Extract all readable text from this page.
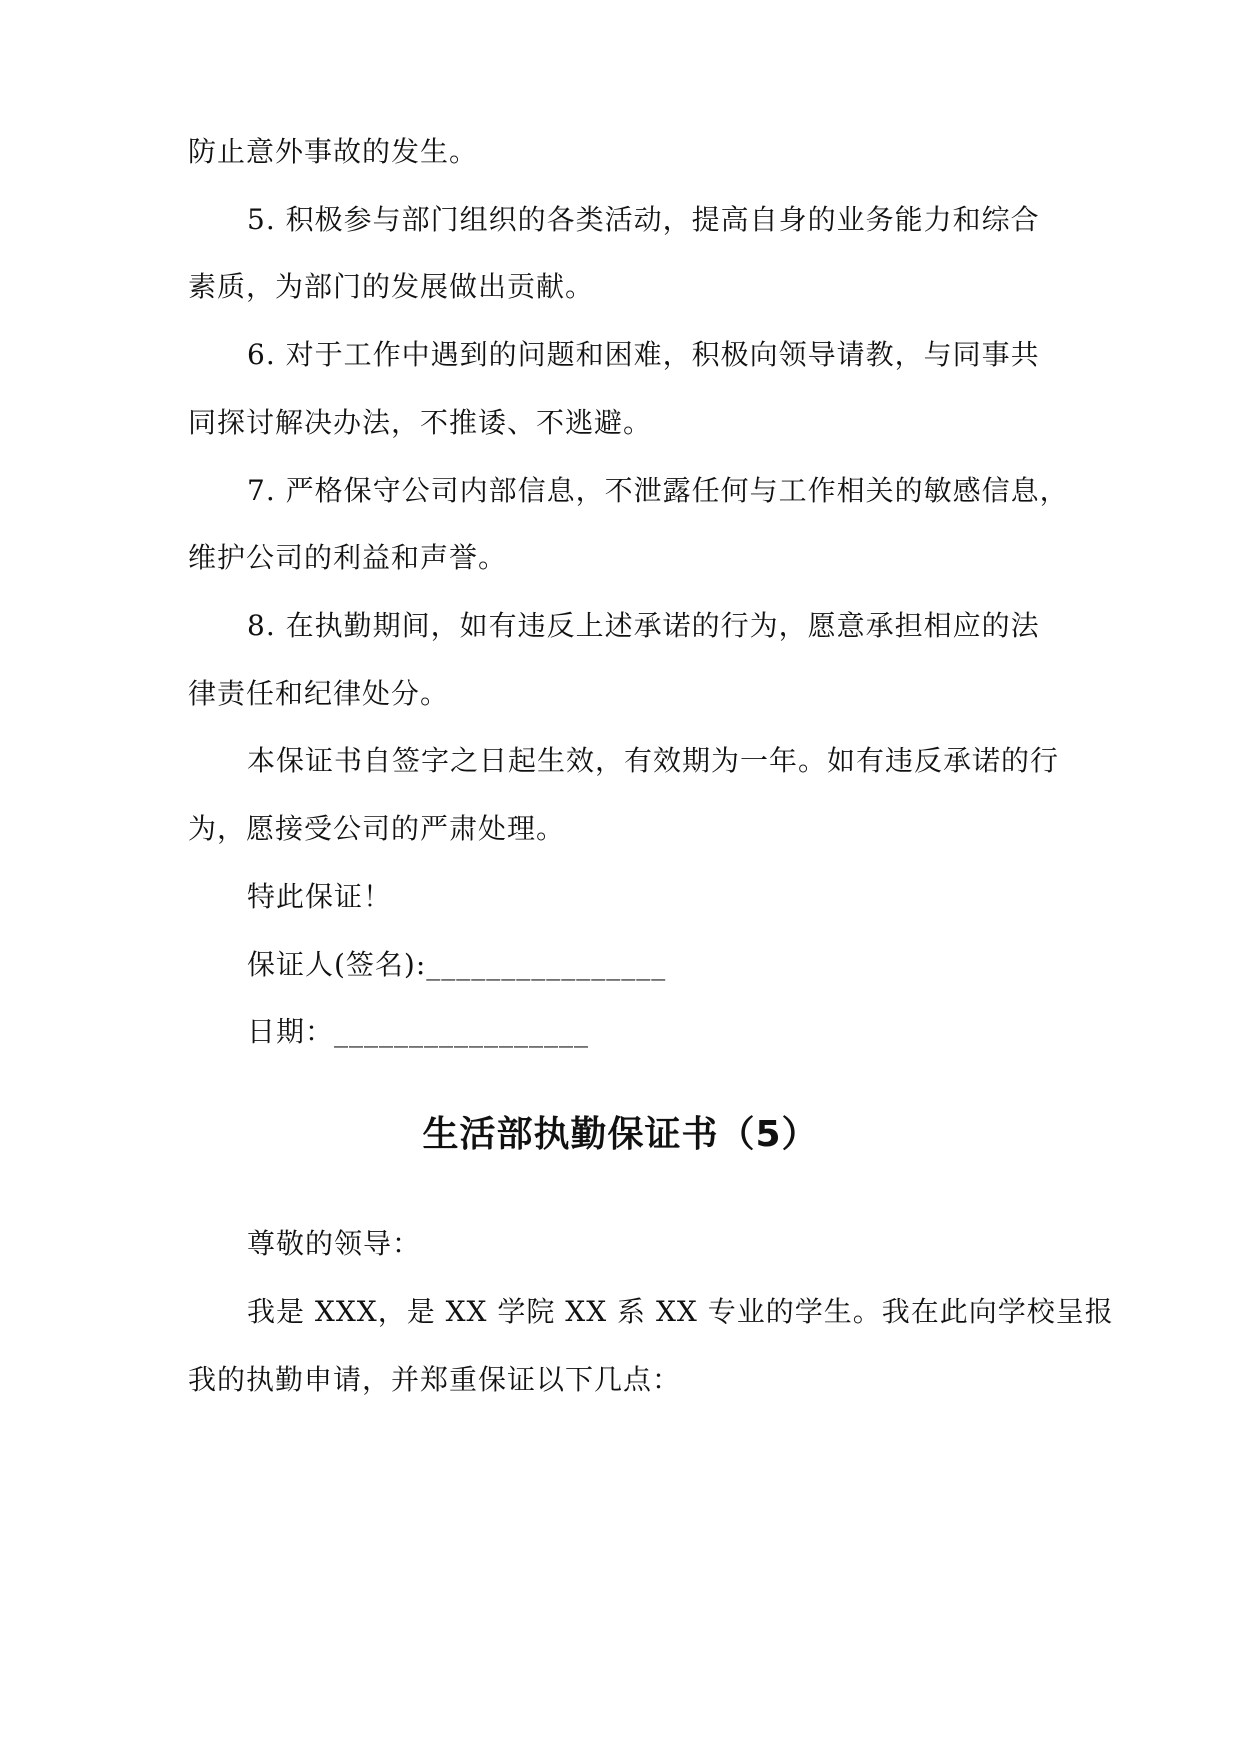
防止意外事故的发生。
5. 积极参与部门组织的各类活动，提高自身的业务能力和综合
素质，为部门的发展做出贡献。
6. 对于工作中遇到的问题和困难，积极向领导请教，与同事共
同探讨解决办法，不推诿、不逃避。
7. 严格保守公司内部信息，不泄露任何与工作相关的敏感信息，
维护公司的利益和声誉。
8. 在执勤期间，如有违反上述承诺的行为，愿意承担相应的法
律责任和纪律处分。
本保证书自签字之日起生效，有效期为一年。如有违反承诺的行
为，愿接受公司的严肃处理。
特此保证！
保证人(签名):________________
日期：_________________
生活部执勤保证书（5）
尊敬的领导：
我是 XXX，是 XX 学院 XX 系 XX 专业的学生。我在此向学校呈报
我的执勤申请，并郑重保证以下几点：
